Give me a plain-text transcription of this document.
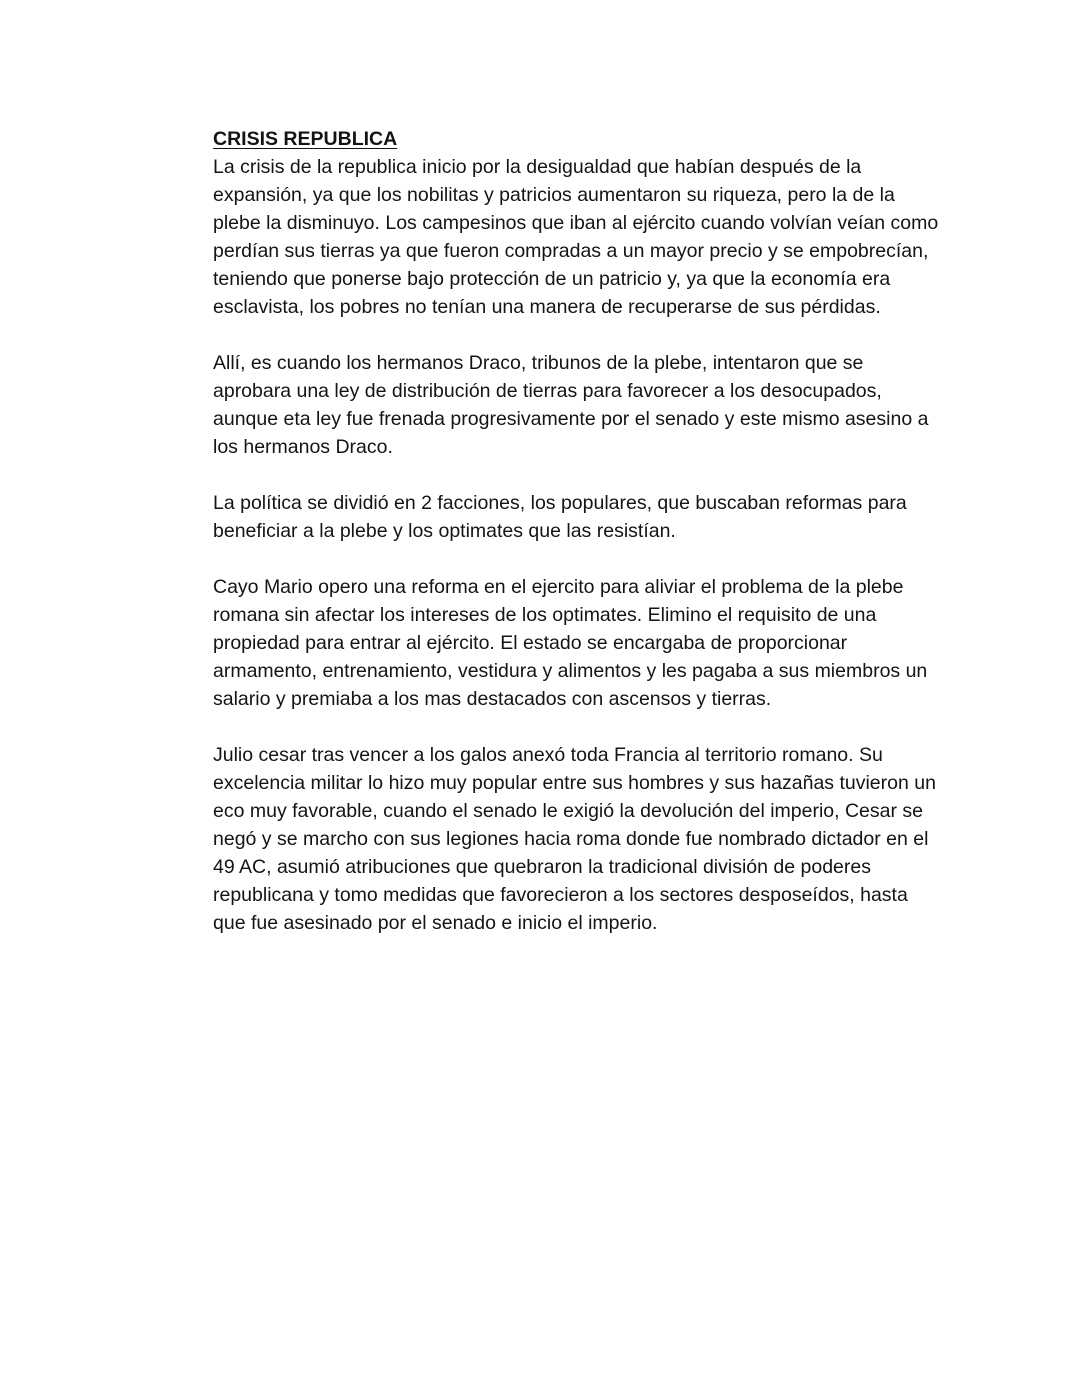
CRISIS REPUBLICA
La crisis de la republica inicio por la desigualdad que habían después de la
expansión, ya que los nobilitas y patricios aumentaron su riqueza, pero la de la
plebe la disminuyo. Los campesinos que iban al ejército cuando volvían veían como
perdían sus tierras ya que fueron compradas a un mayor precio y se empobrecían,
teniendo que ponerse bajo protección de un patricio y, ya que la economía era
esclavista, los pobres no tenían una manera de recuperarse de sus pérdidas.
Allí, es cuando los hermanos Draco, tribunos de la plebe, intentaron que se
aprobara una ley de distribución de tierras para favorecer a los desocupados,
aunque eta ley fue frenada progresivamente por el senado y este mismo asesino a
los hermanos Draco.
La política se dividió en 2 facciones, los populares, que buscaban reformas para
beneficiar a la plebe y los optimates que las resistían.
Cayo Mario opero una reforma en el ejercito para aliviar el problema de la plebe
romana sin afectar los intereses de los optimates. Elimino el requisito de una
propiedad para entrar al ejército. El estado se encargaba de proporcionar
armamento, entrenamiento, vestidura y alimentos y les pagaba a sus miembros un
salario y premiaba a los mas destacados con ascensos y tierras.
Julio cesar tras vencer a los galos anexó toda Francia al territorio romano. Su
excelencia militar lo hizo muy popular entre sus hombres y sus hazañas tuvieron un
eco muy favorable, cuando el senado le exigió la devolución del imperio, Cesar se
negó y se marcho con sus legiones hacia roma donde fue nombrado dictador en el
49 AC, asumió atribuciones que quebraron la tradicional división de poderes
republicana y tomo medidas que favorecieron a los sectores desposeídos, hasta
que fue asesinado por el senado e inicio el imperio.
